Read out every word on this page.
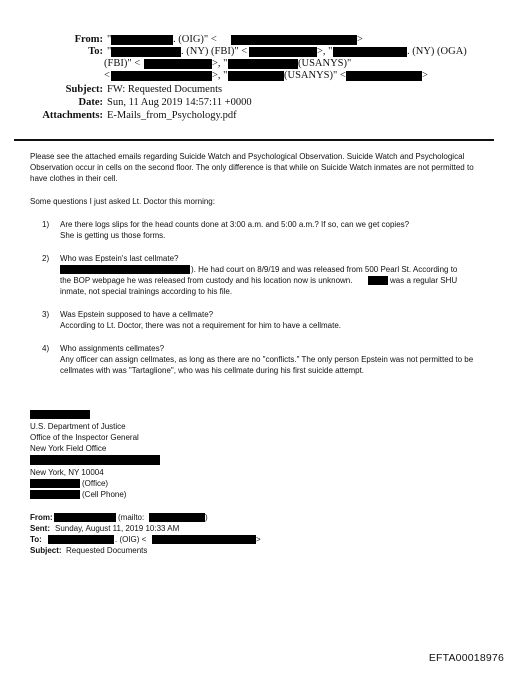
From: "	. (OIG)" <	>
To: "	. (NY) (FBI)" <	>, "	. (NY) (OGA)
(FBI)" <	>, "	(USANYS)"
<	>, "	(USANYS)" <	>
Subject: FW: Requested Documents
Date: Sun, 11 Aug 2019 14:57:11 +0000
Attachments: E-Mails_from_Psychology.pdf
Please see the attached emails regarding Suicide Watch and Psychological Observation. Suicide Watch and Psychological Observation occur in cells on the second floor. The only difference is that while on Suicide Watch inmates are not permitted to have clothes in their cell.
Some questions I just asked Lt. Doctor this morning:
1) Are there logs slips for the head counts done at 3:00 a.m. and 5:00 a.m.? If so, can we get copies?
She is getting us those forms.
2) Who was Epstein's last cellmate?
). He had court on 8/9/19 and was released from 500 Pearl St. According to
the BOP webpage he was released from custody and his location now is unknown.	was a regular SHU
inmate, not special trainings according to his file.
3) Was Epstein supposed to have a cellmate?
According to Lt. Doctor, there was not a requirement for him to have a cellmate.
4) Who assignments cellmates?
Any officer can assign cellmates, as long as there are no "conflicts." The only person Epstein was not permitted to be cellmates with was "Tartaglione", who was his cellmate during his first suicide attempt.
U.S. Department of Justice
Office of the Inspector General
New York Field Office
New York, NY 10004
(Office)
(Cell Phone)
From:	(mailto:	)
Sent: Sunday, August 11, 2019 10:33 AM
To:	. (OIG) <	>
Subject: Requested Documents
EFTA00018976
